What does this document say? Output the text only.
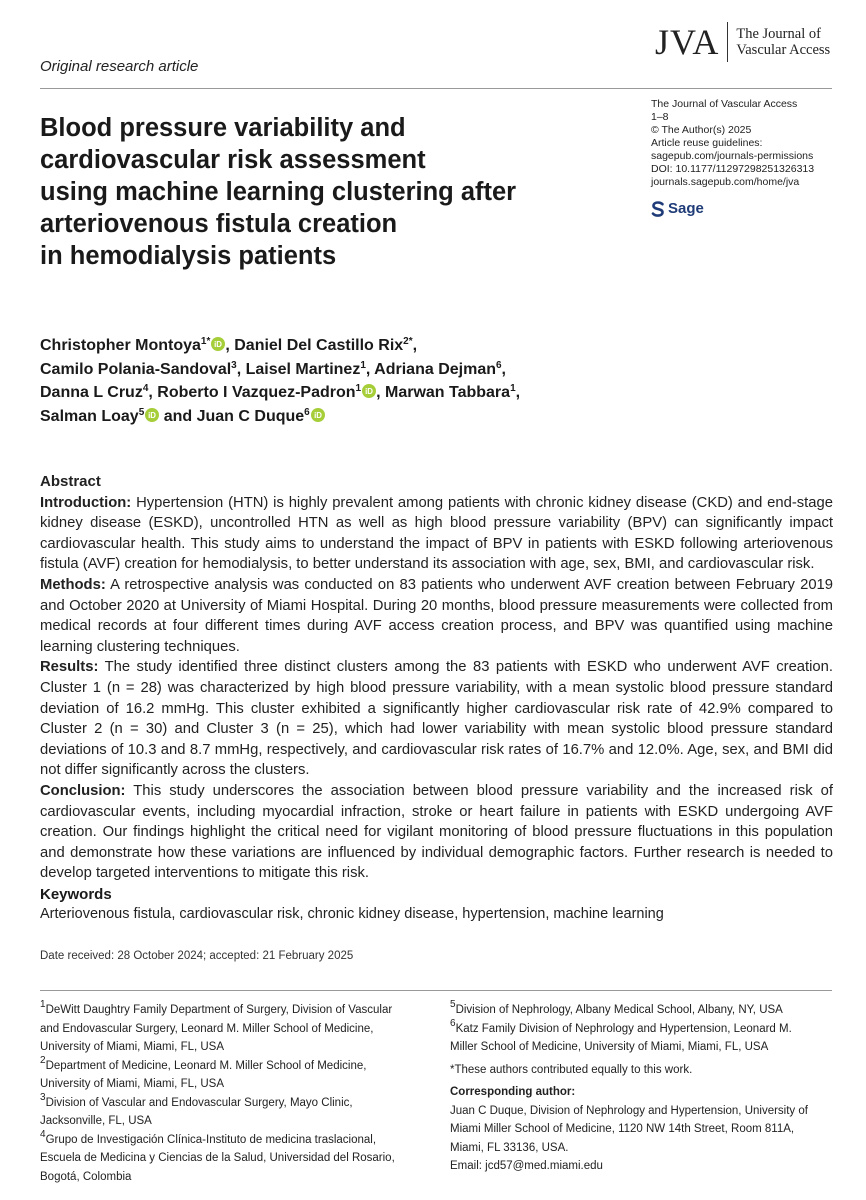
Original research article
JVA The Journal of
Vascular Access
Blood pressure variability and
cardiovascular risk assessment
using machine learning clustering after
arteriovenous fistula creation
in hemodialysis patients
The Journal of Vascular Access
1–8
© The Author(s) 2025
Article reuse guidelines:
sagepub.com/journals-permissions
DOI: 10.1177/11297298251326313
journals.sagepub.com/home/jva
Sage
Christopher Montoya$^{1*}$ iD , Daniel Del Castillo Rix$^{2*}$,
Camilo Polania-Sandoval$^3$, Laisel Martinez$^1$, Adriana Dejman$^6$,
Danna L Cruz$^4$, Roberto I Vazquez-Padron$^1$ iD , Marwan Tabbara$^1$,
Salman Loay$^5$ iD and Juan C Duque$^6$ iD
Abstract

Introduction: Hypertension (HTN) is highly prevalent among patients with chronic kidney disease (CKD) and end-stage kidney disease (ESKD), uncontrolled HTN as well as high blood pressure variability (BPV) can significantly impact cardiovascular health. This study aims to understand the impact of BPV in patients with ESKD following arteriovenous fistula (AVF) creation for hemodialysis, to better understand its association with age, sex, BMI, and cardiovascular risk.

Methods: A retrospective analysis was conducted on 83 patients who underwent AVF creation between February 2019 and October 2020 at University of Miami Hospital. During 20 months, blood pressure measurements were collected from medical records at four different times during AVF access creation process, and BPV was quantified using machine learning clustering techniques.

Results: The study identified three distinct clusters among the 83 patients with ESKD who underwent AVF creation. Cluster 1 (n = 28) was characterized by high blood pressure variability, with a mean systolic blood pressure standard deviation of 16.2 mmHg. This cluster exhibited a significantly higher cardiovascular risk rate of 42.9% compared to Cluster 2 (n = 30) and Cluster 3 (n = 25), which had lower variability with mean systolic blood pressure standard deviations of 10.3 and 8.7 mmHg, respectively, and cardiovascular risk rates of 16.7% and 12.0%. Age, sex, and BMI did not differ significantly across the clusters.

Conclusion: This study underscores the association between blood pressure variability and the increased risk of cardiovascular events, including myocardial infraction, stroke or heart failure in patients with ESKD undergoing AVF creation. Our findings highlight the critical need for vigilant monitoring of blood pressure fluctuations in this population and demonstrate how these variations are influenced by individual demographic factors. Further research is needed to develop targeted interventions to mitigate this risk.

Keywords
Arteriovenous fistula, cardiovascular risk, chronic kidney disease, hypertension, machine learning
Date received: 28 October 2024; accepted: 21 February 2025
$^1$DeWitt Daughtry Family Department of Surgery, Division of Vascular
and Endovascular Surgery, Leonard M. Miller School of Medicine,
University of Miami, Miami, FL, USA
$^2$Department of Medicine, Leonard M. Miller School of Medicine,
University of Miami, Miami, FL, USA
$^3$Division of Vascular and Endovascular Surgery, Mayo Clinic,
Jacksonville, FL, USA
$^4$Grupo de Investigación Clínica-Instituto de medicina traslacional,
Escuela de Medicina y Ciencias de la Salud, Universidad del Rosario,
Bogotá, Colombia
$^5$Division of Nephrology, Albany Medical School, Albany, NY, USA
$^6$Katz Family Division of Nephrology and Hypertension, Leonard M.
Miller School of Medicine, University of Miami, Miami, FL, USA
*These authors contributed equally to this work.
Corresponding author:
Juan C Duque, Division of Nephrology and Hypertension, University of
Miami Miller School of Medicine, 1120 NW 14th Street, Room 811A,
Miami, FL 33136, USA.
Email: jcd57@med.miami.edu
